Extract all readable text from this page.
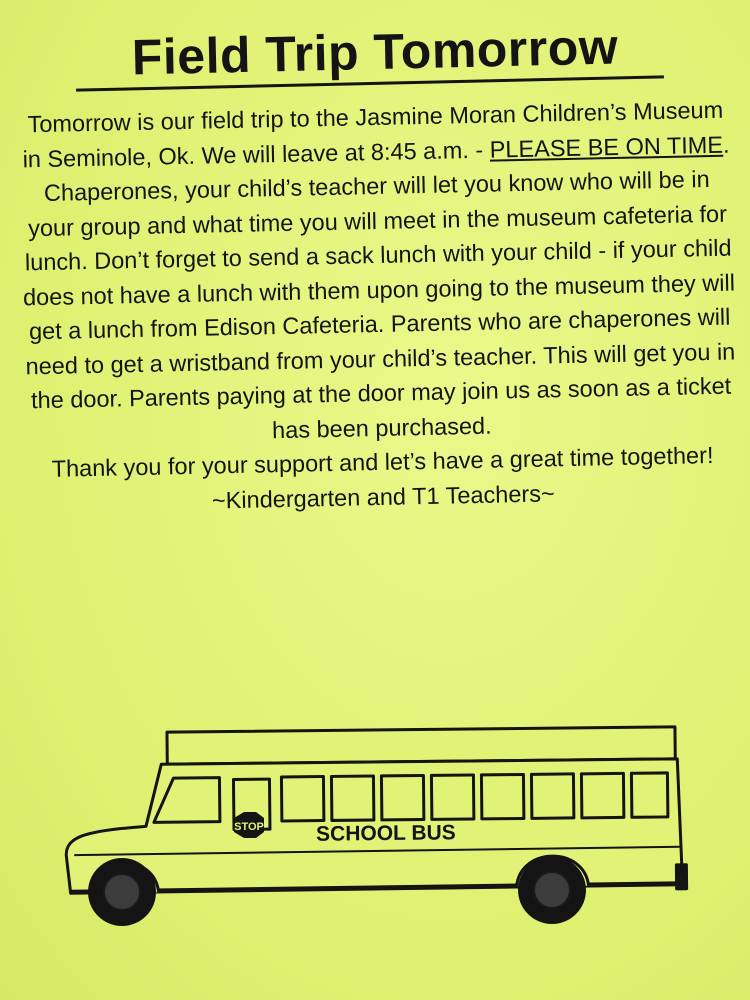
Field Trip Tomorrow

Tomorrow is our field trip to the Jasmine Moran Children’s Museum in Seminole, Ok. We will leave at 8:45 a.m. - PLEASE BE ON TIME. Chaperones, your child’s teacher will let you know who will be in your group and what time you will meet in the museum cafeteria for lunch. Don’t forget to send a sack lunch with your child - if your child does not have a lunch with them upon going to the museum they will get a lunch from Edison Cafeteria. Parents who are chaperones will need to get a wristband from your child’s teacher. This will get you in the door. Parents paying at the door may join us as soon as a ticket has been purchased.

Thank you for your support and let’s have a great time together!

~Kindergarten and T1 Teachers~

STOP SCHOOL BUS
